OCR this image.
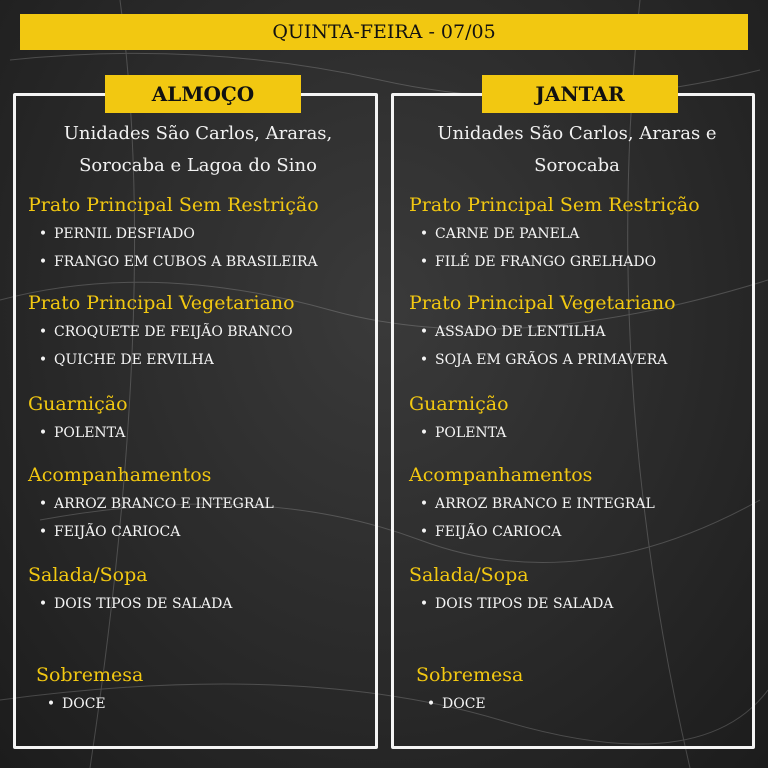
QUINTA-FEIRA - 07/05
ALMOÇO	JANTAR
Unidades São Carlos, Araras,
Sorocaba e Lagoa do Sino
Unidades São Carlos, Araras e
Sorocaba

Prato Principal Sem Restrição

• PERNIL DESFIADO
• FRANGO EM CUBOS A BRASILEIRA

Prato Principal Vegetariano

• CROQUETE DE FEIJÃO BRANCO
• QUICHE DE ERVILHA

Guarnição

• POLENTA

Acompanhamentos

• ARROZ BRANCO E INTEGRAL
• FEIJÃO CARIOCA

Salada/Sopa

• DOIS TIPOS DE SALADA

Sobremesa

• DOCE

Prato Principal Sem Restrição

• CARNE DE PANELA
• FILÉ DE FRANGO GRELHADO

Prato Principal Vegetariano

• ASSADO DE LENTILHA
• SOJA EM GRÃOS A PRIMAVERA

Guarnição

• POLENTA

Acompanhamentos

• ARROZ BRANCO E INTEGRAL
• FEIJÃO CARIOCA

Salada/Sopa

• DOIS TIPOS DE SALADA

Sobremesa

• DOCE
